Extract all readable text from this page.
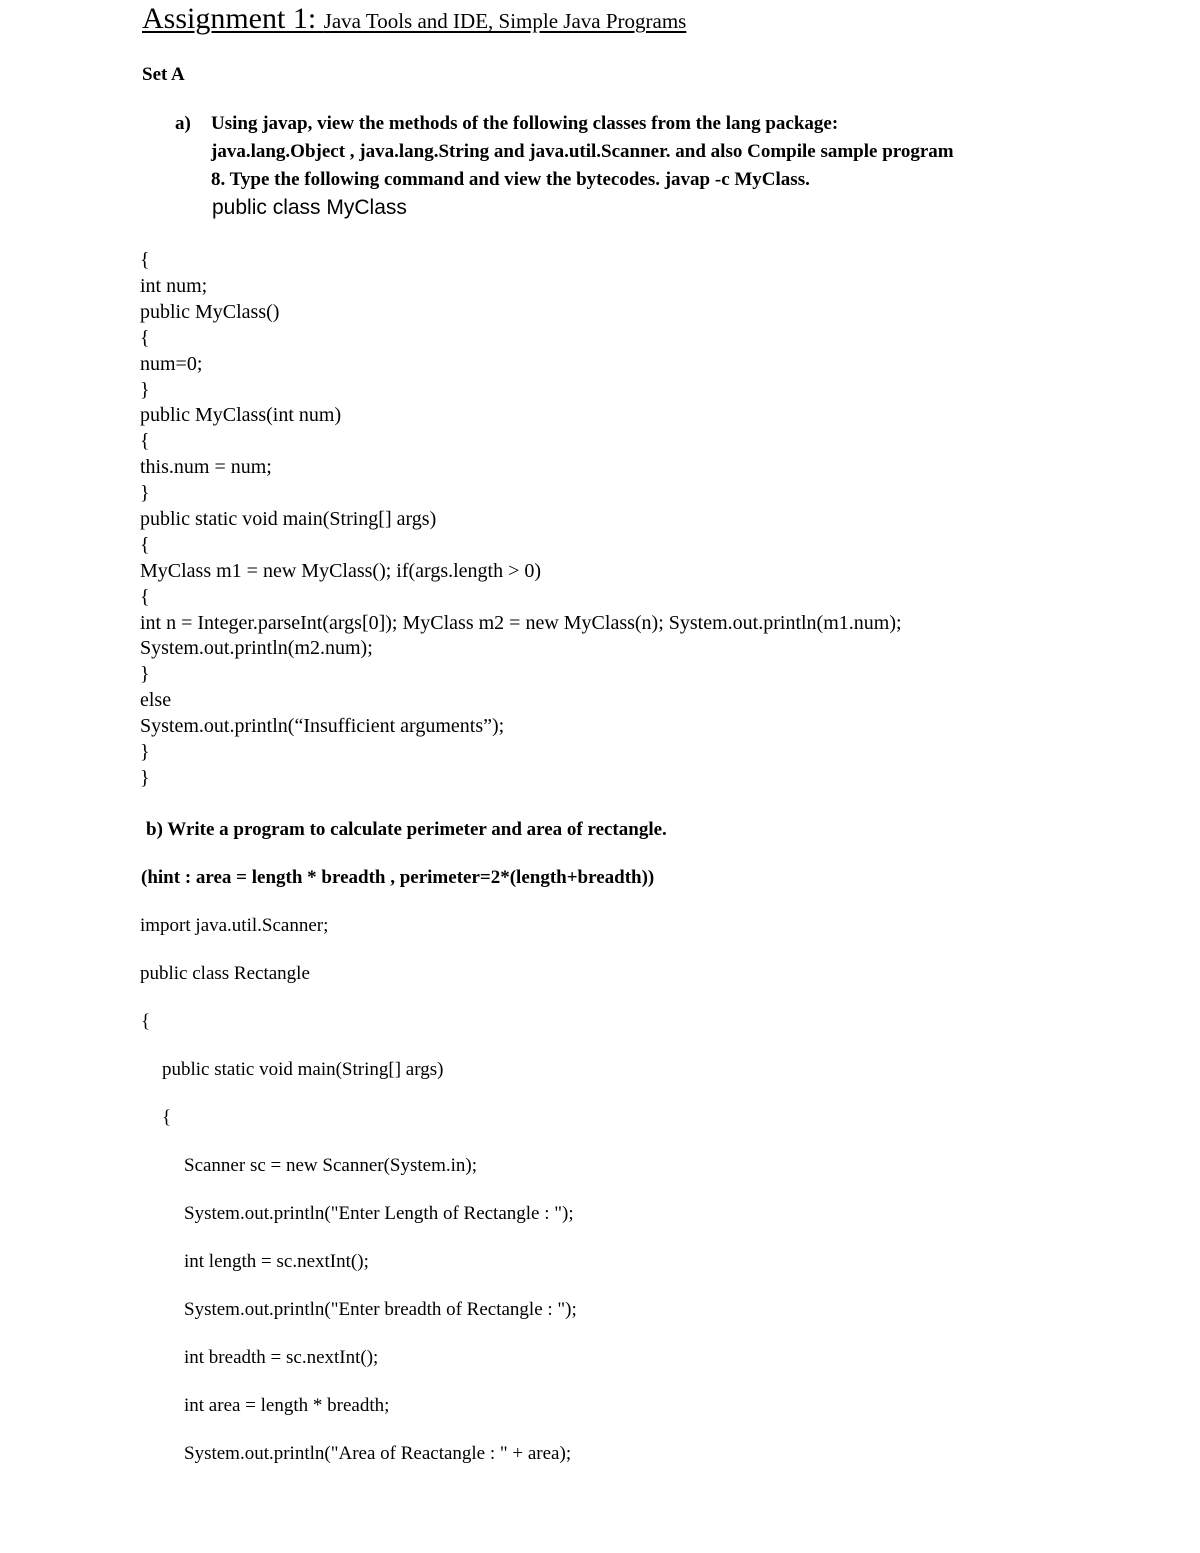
Assignment 1: Java Tools and IDE, Simple Java Programs
Set A
a) Using javap, view the methods of the following classes from the lang package:
java.lang.Object , java.lang.String and java.util.Scanner. and also Compile sample program
8. Type the following command and view the bytecodes. javap -c MyClass.
public class MyClass
{
int num;
public MyClass()
{
num=0;
}
public MyClass(int num)
{
this.num = num;
}
public static void main(String[] args)
{
MyClass m1 = new MyClass(); if(args.length > 0)
{
int n = Integer.parseInt(args[0]); MyClass m2 = new MyClass(n); System.out.println(m1.num);
System.out.println(m2.num);
}
else
System.out.println(“Insufficient arguments”);
}
}
b) Write a program to calculate perimeter and area of rectangle.
(hint : area = length * breadth , perimeter=2*(length+breadth))
import java.util.Scanner;
public class Rectangle
{
public static void main(String[] args)
{
Scanner sc = new Scanner(System.in);
System.out.println("Enter Length of Rectangle : ");
int length = sc.nextInt();
System.out.println("Enter breadth of Rectangle : ");
int breadth = sc.nextInt();
int area = length * breadth;
System.out.println("Area of Reactangle : " + area);
